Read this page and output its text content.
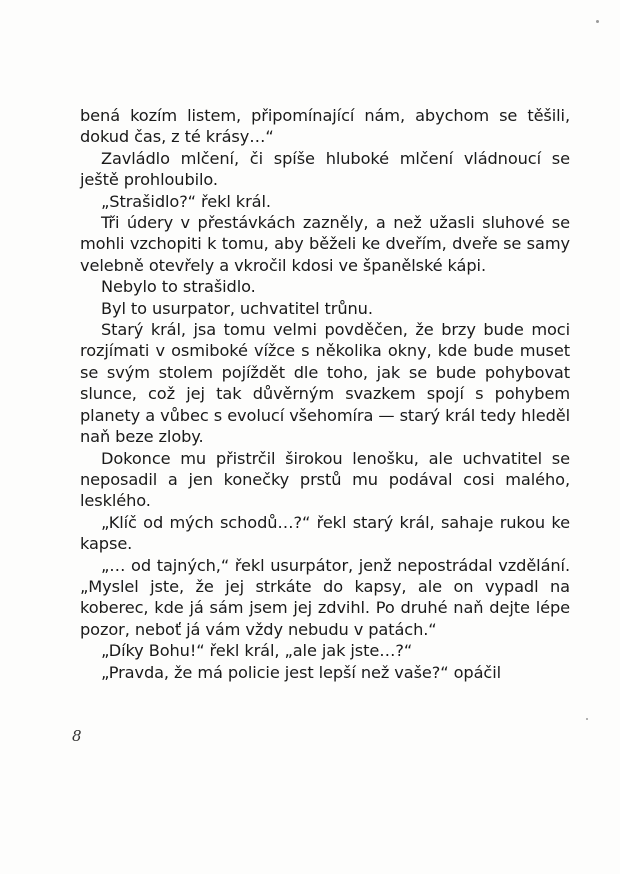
bená kozím listem, připomínající nám, abychom se těšili, dokud čas, z té krásy…“

Zavládlo mlčení, či spíše hluboké mlčení vládnoucí se ještě prohloubilo.

„Strašidlo?“ řekl král.

Tři údery v přestávkách zazněly, a než užasli sluhové se mohli vzchopiti k tomu, aby běželi ke dveřím, dveře se samy velebně otevřely a vkročil kdosi ve španělské kápi.

Nebylo to strašidlo.

Byl to usurpator, uchvatitel trůnu.

Starý král, jsa tomu velmi povděčen, že brzy bude moci rozjímati v osmiboké vížce s několika okny, kde bude muset se svým stolem pojíždět dle toho, jak se bude pohybovat slunce, což jej tak důvěrným svazkem spojí s pohybem planety a vůbec s evolucí všehomíra — starý král tedy hleděl naň beze zloby.

Dokonce mu přistrčil širokou lenošku, ale uchvatitel se neposadil a jen konečky prstů mu podával cosi malého, lesklého.

„Klíč od mých schodů…?“ řekl starý král, sahaje rukou ke kapse.

„… od tajných,“ řekl usurpátor, jenž nepostrádal vzdělání. „Myslel jste, že jej strkáte do kapsy, ale on vypadl na koberec, kde já sám jsem jej zdvihl. Po druhé naň dejte lépe pozor, neboť já vám vždy nebudu v patách.“

„Díky Bohu!“ řekl král, „ale jak jste…?“

„Pravda, že má policie jest lepší než vaše?“ opáčil

8
